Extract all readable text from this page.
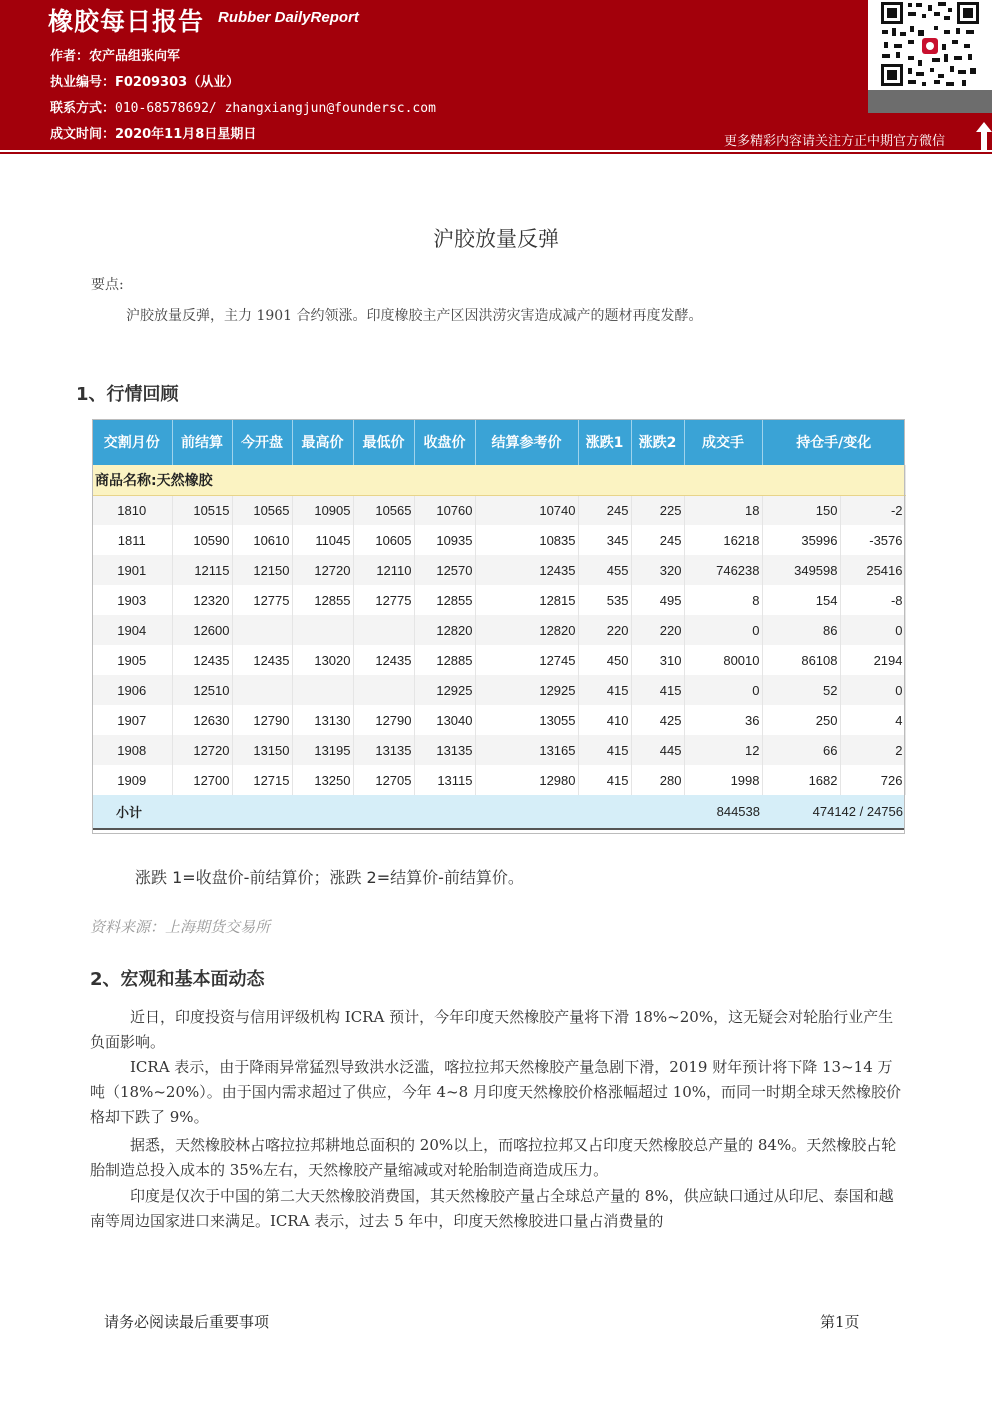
橡胶每日报告 Rubber DailyReport
作者：农产品组张向军
执业编号：F0209303（从业）
联系方式：010-68578692/ zhangxiangjun@foundersc.com
成文时间：2020年11月8日星期日	更多精彩内容请关注方正中期官方微信
沪胶放量反弹
要点:
沪胶放量反弹，主力 1901 合约领涨。印度橡胶主产区因洪涝灾害造成减产的题材再度发酵。
1、行情回顾
交割月份	前结算	今开盘	最高价	最低价	收盘价	结算参考价	涨跌1	涨跌2	成交手	持仓手/变化	
商品名称:天然橡胶											
1810	10515	10565	10905	10565	10760	10740	245	225	18	150	-2
1811	10590	10610	11045	10605	10935	10835	345	245	16218	35996	-3576
1901	12115	12150	12720	12110	12570	12435	455	320	746238	349598	25416
1903	12320	12775	12855	12775	12855	12815	535	495	8	154	-8
1904	12600				12820	12820	220	220	0	86	0
1905	12435	12435	13020	12435	12885	12745	450	310	80010	86108	2194
1906	12510				12925	12925	415	415	0	52	0
1907	12630	12790	13130	12790	13040	13055	410	425	36	250	4
1908	12720	13150	13195	13135	13135	13165	415	445	12	66	2
1909	12700	12715	13250	12705	13115	12980	415	280	1998	1682	726
小计									844538	474142 / 24756	
涨跌 1=收盘价-前结算价；涨跌 2=结算价-前结算价。
资料来源：上海期货交易所
2、宏观和基本面动态
近日，印度投资与信用评级机构 ICRA 预计，今年印度天然橡胶产量将下滑 18%~20%，这无疑会对轮胎行业产生负面影响。
ICRA 表示，由于降雨异常猛烈导致洪水泛滥，喀拉拉邦天然橡胶产量急剧下滑，2019 财年预计将下降 13~14 万吨（18%~20%）。由于国内需求超过了供应，今年 4~8 月印度天然橡胶价格涨幅超过 10%，而同一时期全球天然橡胶价格却下跌了 9%。
据悉，天然橡胶林占喀拉拉邦耕地总面积的 20%以上，而喀拉拉邦又占印度天然橡胶总产量的 84%。天然橡胶占轮胎制造总投入成本的 35%左右，天然橡胶产量缩减或对轮胎制造商造成压力。
印度是仅次于中国的第二大天然橡胶消费国，其天然橡胶产量占全球总产量的 8%，供应缺口通过从印尼、泰国和越南等周边国家进口来满足。ICRA 表示，过去 5 年中，印度天然橡胶进口量占消费量的
请务必阅读最后重要事项	第1页
